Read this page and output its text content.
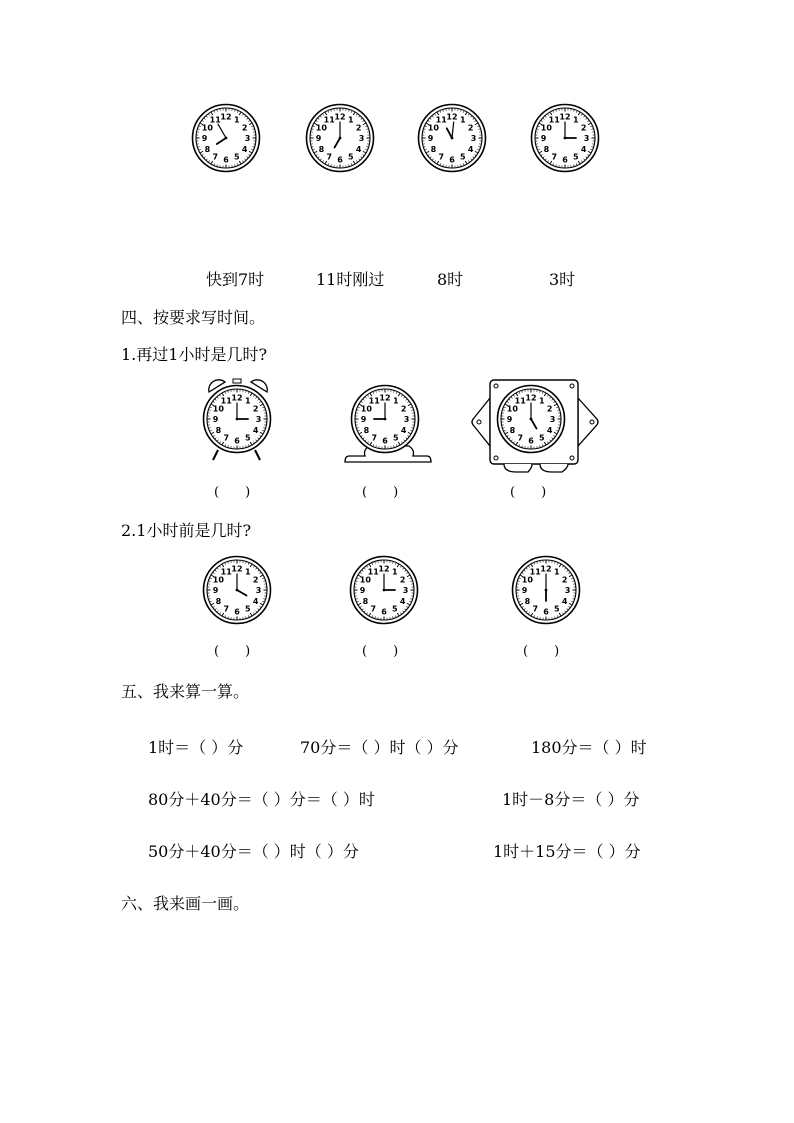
1
2
3
4
5
6
7
8
9
10
11 12	1
2
3
4
5
6
7
8
9
10
11 12	1
2
3
4
5
6
7
8
9
10
11 12	1
2
3
4
5
6
7
8
9
10
11 12
快到7时	11时刚过	8时	3时
四、按要求写时间。
1.再过1小时是几时?
1
2
3
4
5
6
7
8
9
10
11 12	1
2
3
4
5
6
7
8
9
10
11 12	1
2
3
4
5
6
7
8
9
10
11 12
(　　)	(　　)	(　　)
2.1小时前是几时?
1
2
3
4
5
6
7
8
9
10
11 12	1
2
3
4
5
6
7
8
9
10
11 12	1
2
3
4
5
6
7
8
9
10
11 12
(　　)	(　　)	(　　)
五、我来算一算。
1时＝（ ）分	70分＝（ ）时（ ）分	180分＝（ ）时
80分＋40分＝（ ）分＝（ ）时	1时－8分＝（ ）分
50分＋40分＝（ ）时（ ）分	1时＋15分＝（ ）分
六、我来画一画。
